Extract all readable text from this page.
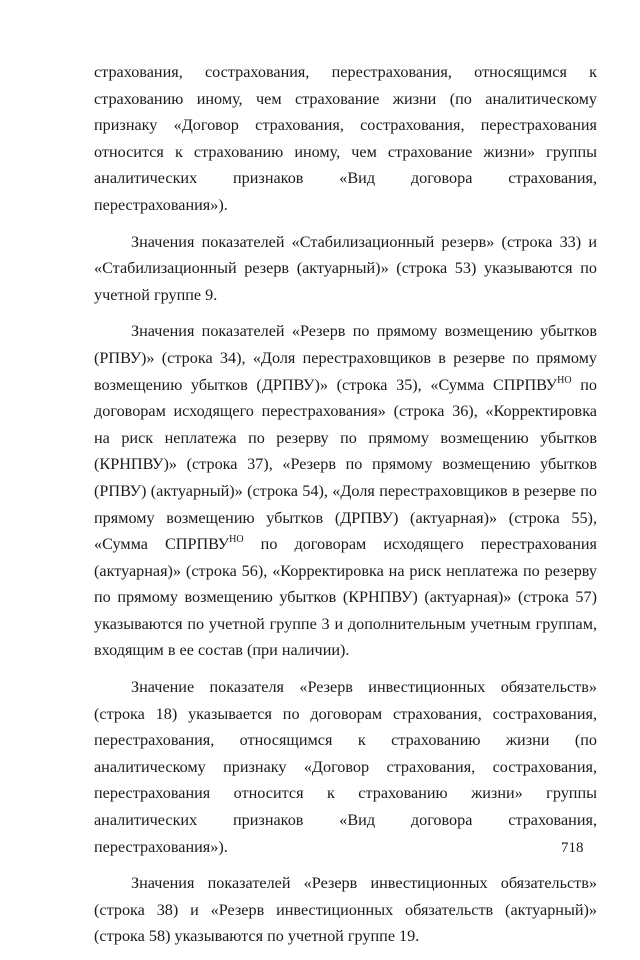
страхования, сострахования, перестрахования, относящимся к страхованию иному, чем страхование жизни (по аналитическому признаку «Договор страхования, сострахования, перестрахования относится к страхованию иному, чем страхование жизни» группы аналитических признаков «Вид договора страхования, перестрахования»).

Значения показателей «Стабилизационный резерв» (строка 33) и «Стабилизационный резерв (актуарный)» (строка 53) указываются по учетной группе 9.

Значения показателей «Резерв по прямому возмещению убытков (РПВУ)» (строка 34), «Доля перестраховщиков в резерве по прямому возмещению убытков (ДРПВУ)» (строка 35), «Сумма $СПРПВУ^{НО}$ по договорам исходящего перестрахования» (строка 36), «Корректировка на риск неплатежа по резерву по прямому возмещению убытков (КРНПВУ)» (строка 37), «Резерв по прямому возмещению убытков (РПВУ) (актуарный)» (строка 54), «Доля перестраховщиков в резерве по прямому возмещению убытков (ДРПВУ) (актуарная)» (строка 55), «Сумма $СПРПВУ^{НО}$ по договорам исходящего перестрахования (актуарная)» (строка 56), «Корректировка на риск неплатежа по резерву по прямому возмещению убытков (КРНПВУ) (актуарная)» (строка 57) указываются по учетной группе 3 и дополнительным учетным группам, входящим в ее состав (при наличии).

Значение показателя «Резерв инвестиционных обязательств» (строка 18) указывается по договорам страхования, сострахования, перестрахования, относящимся к страхованию жизни (по аналитическому признаку «Договор страхования, сострахования, перестрахования относится к страхованию жизни» группы аналитических признаков «Вид договора страхования, перестрахования»).

Значения показателей «Резерв инвестиционных обязательств» (строка 38) и «Резерв инвестиционных обязательств (актуарный)» (строка 58) указываются по учетной группе 19.

718
